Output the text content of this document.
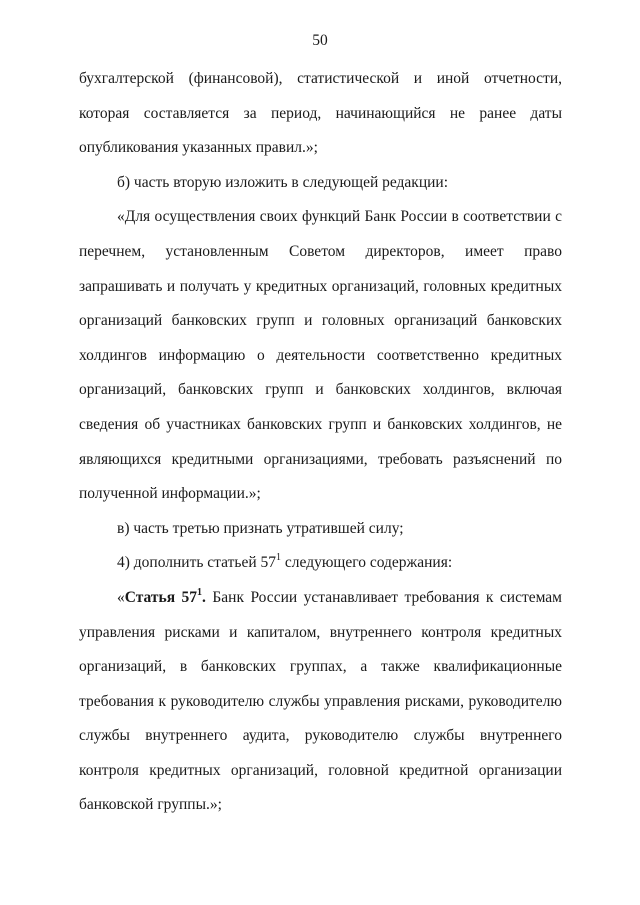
50

бухгалтерской (финансовой), статистической и иной отчетности, которая составляется за период, начинающийся не ранее даты опубликования указанных правил.»;

б) часть вторую изложить в следующей редакции:

«Для осуществления своих функций Банк России в соответствии с перечнем, установленным Советом директоров, имеет право запрашивать и получать у кредитных организаций, головных кредитных организаций банковских групп и головных организаций банковских холдингов информацию о деятельности соответственно кредитных организаций, банковских групп и банковских холдингов, включая сведения об участниках банковских групп и банковских холдингов, не являющихся кредитными организациями, требовать разъяснений по полученной информации.»;

в) часть третью признать утратившей силу;

4) дополнить статьей $57^1$ следующего содержания:

«Статья $57^1$. Банк России устанавливает требования к системам управления рисками и капиталом, внутреннего контроля кредитных организаций, в банковских группах, а также квалификационные требования к руководителю службы управления рисками, руководителю службы внутреннего аудита, руководителю службы внутреннего контроля кредитных организаций, головной кредитной организации банковской группы.»;
